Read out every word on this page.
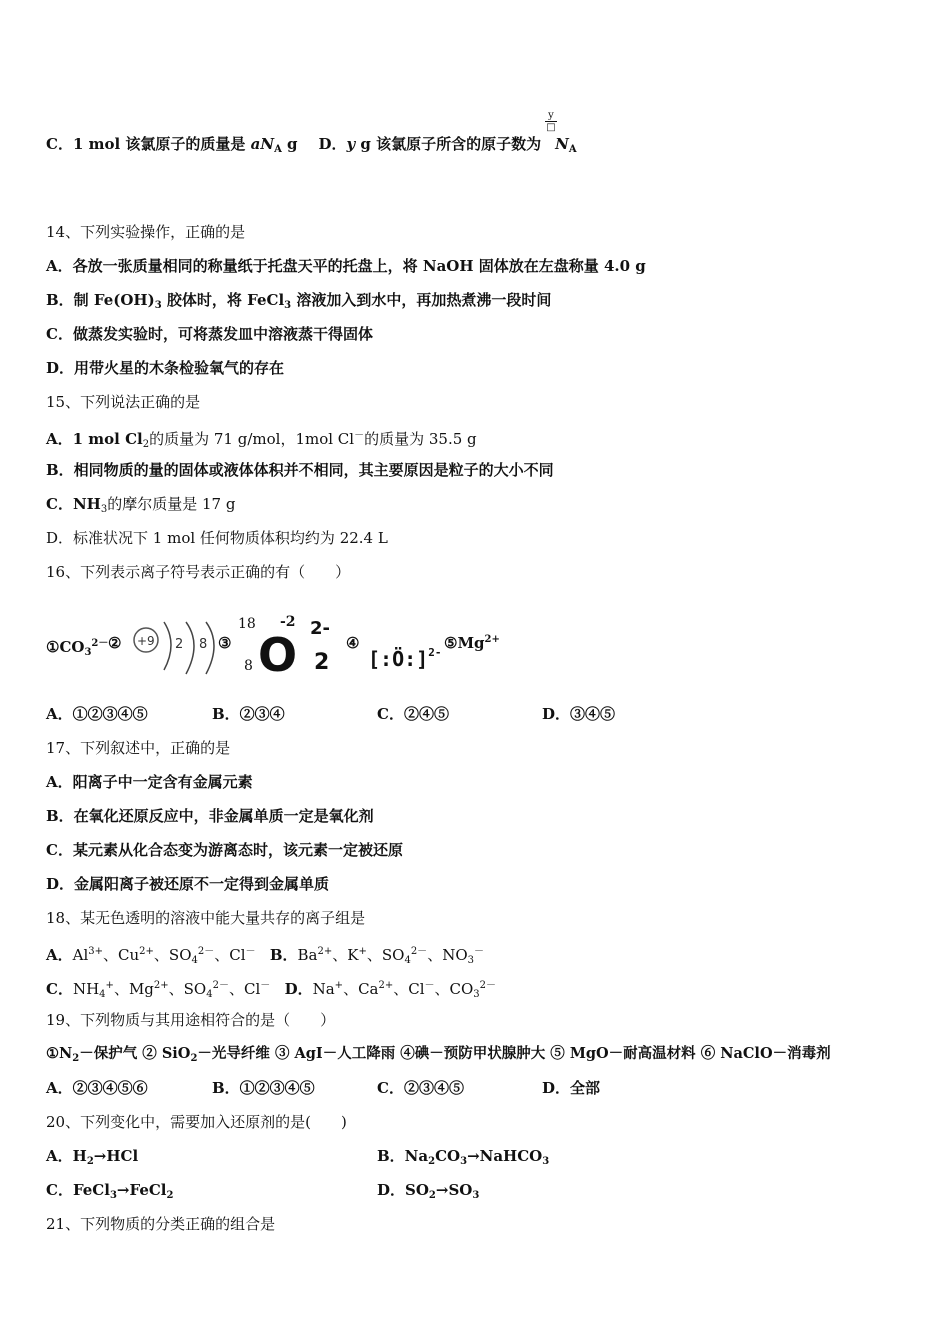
y
□
C．1 mol 该氯原子的质量是 $aN_A$ g D．y g 该氯原子所含的原子数为 $N_A$
14、下列实验操作，正确的是
A．各放一张质量相同的称量纸于托盘天平的托盘上，将 NaOH 固体放在左盘称量 4.0 g
B．制 $Fe(OH)_3$ 胶体时，将 FeCl$_3$ 溶液加入到水中，再加热煮沸一段时间
C．做蒸发实验时，可将蒸发皿中溶液蒸干得固体
D．用带火星的木条检验氧气的存在
15、下列说法正确的是
A．1 mol $Cl_2$的质量为 71 g/mol，1mol Cl－的质量为 35.5 g
B．相同物质的量的固体或液体体积并不相同，其主要原因是粒子的大小不同
C．$NH_3$的摩尔质量是 17 g
D．标准状况下 1 mol 任何物质体积均约为 22.4 L
16、下列表示离子符号表示正确的有（　　）
$①CO_3^{2-}$ ② +9 2 8 ③
18 -2 2-
8 O 2
④
[:Ö:]$^{2-}$
$⑤Mg^{2+}$
A．①②③④⑤	B．②③④	C．②④⑤	D．③④⑤
17、下列叙述中，正确的是
A．阳离子中一定含有金属元素
B．在氧化还原反应中，非金属单质一定是氧化剂
C．某元素从化合态变为游离态时，该元素一定被还原
D．金属阳离子被还原不一定得到金属单质
18、某无色透明的溶液中能大量共存的离子组是
A．$Al^{3+}$、$Cu^{2+}$、$SO_4^{2-}$、Cl－ B．$Ba^{2+}$、K+、$SO_4^{2-}$、$NO_3^-$
C．$NH_4^+$、$Mg^{2+}$、$SO_4^{2-}$、Cl－ D．Na+、$Ca^{2+}$、Cl－、$CO_3^{2-}$
19、下列物质与其用途相符合的是（　　）
$①N_2-$保护气 ② SiO$_2$－光导纤维 ③ AgI－人工降雨 ④碘－预防甲状腺肿大 ⑤ MgO－耐高温材料 ⑥ NaClO－消毒剂
A．②③④⑤⑥	B．①②③④⑤	C．②③④⑤	D．全部
20、下列变化中，需要加入还原剂的是(　　)
A．$H_2\to HCl$	B．$Na_2CO_3\to NaHCO_3$
C．FeCl$_3$→FeCl$_2$	D．$SO_2\to SO_3$
21、下列物质的分类正确的组合是
